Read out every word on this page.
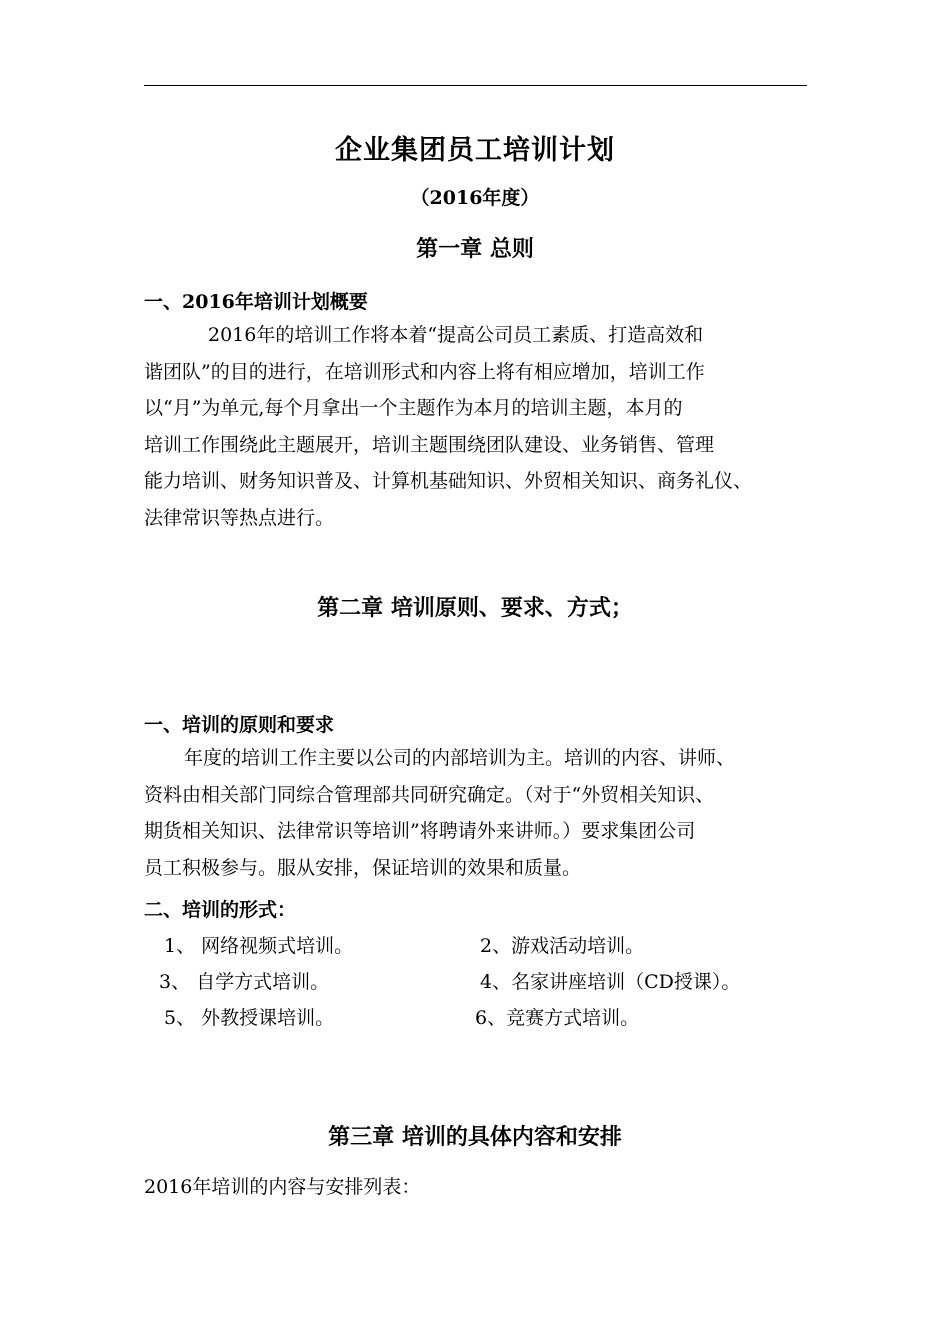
企业集团员工培训计划
（2016年度）
第一章 总则
一、2016年培训计划概要
2016年的培训工作将本着“提高公司员工素质、打造高效和
谐团队”的目的进行，在培训形式和内容上将有相应增加，培训工作
以“月”为单元,每个月拿出一个主题作为本月的培训主题，本月的
培训工作围绕此主题展开，培训主题围绕团队建设、业务销售、管理
能力培训、财务知识普及、计算机基础知识、外贸相关知识、商务礼仪、
法律常识等热点进行。
第二章 培训原则、要求、方式；
一、培训的原则和要求
年度的培训工作主要以公司的内部培训为主。培训的内容、讲师、
资料由相关部门同综合管理部共同研究确定。（对于“外贸相关知识、
期货相关知识、法律常识等培训”将聘请外来讲师。）要求集团公司
员工积极参与。服从安排，保证培训的效果和质量。
二、培训的形式：
1、 网络视频式培训。	2、游戏活动培训。
3、 自学方式培训。	4、名家讲座培训（CD授课）。
5、 外教授课培训。	6、竞赛方式培训。
第三章 培训的具体内容和安排
2016年培训的内容与安排列表：
